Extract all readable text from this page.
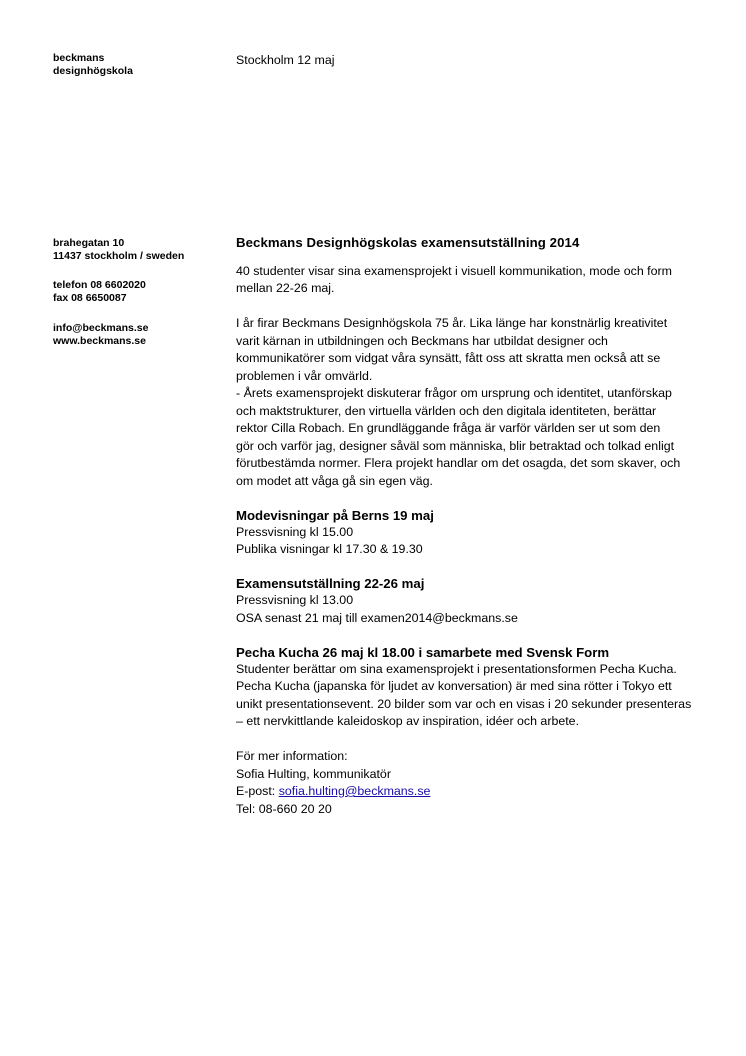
beckmans
designhögskola
brahegatan 10
11437 stockholm / sweden
telefon 08 6602020
fax 08 6650087
info@beckmans.se
www.beckmans.se
Stockholm 12 maj
Beckmans Designhögskolas examensutställning 2014
40 studenter visar sina examensprojekt i visuell kommunikation, mode och form
mellan 22-26 maj.
I år firar Beckmans Designhögskola 75 år. Lika länge har konstnärlig kreativitet
varit kärnan in utbildningen och Beckmans har utbildat designer och
kommunikatörer som vidgat våra synsätt, fått oss att skratta men också att se
problemen i vår omvärld.
- Årets examensprojekt diskuterar frågor om ursprung och identitet, utanförskap
och maktstrukturer, den virtuella världen och den digitala identiteten, berättar
rektor Cilla Robach. En grundläggande fråga är varför världen ser ut som den
gör och varför jag, designer såväl som människa, blir betraktad och tolkad enligt
förutbestämda normer. Flera projekt handlar om det osagda, det som skaver, och
om modet att våga gå sin egen väg.
Modevisningar på Berns 19 maj
Pressvisning kl 15.00
Publika visningar kl 17.30 & 19.30
Examensutställning 22-26 maj
Pressvisning kl 13.00
OSA senast 21 maj till examen2014@beckmans.se
Pecha Kucha 26 maj kl 18.00 i samarbete med Svensk Form
Studenter berättar om sina examensprojekt i presentationsformen Pecha Kucha.
Pecha Kucha (japanska för ljudet av konversation) är med sina rötter i Tokyo ett
unikt presentationsevent. 20 bilder som var och en visas i 20 sekunder presenteras
– ett nervkittlande kaleidoskop av inspiration, idéer och arbete.
För mer information:
Sofia Hulting, kommunikatör
E-post: sofia.hulting@beckmans.se
Tel: 08-660 20 20
